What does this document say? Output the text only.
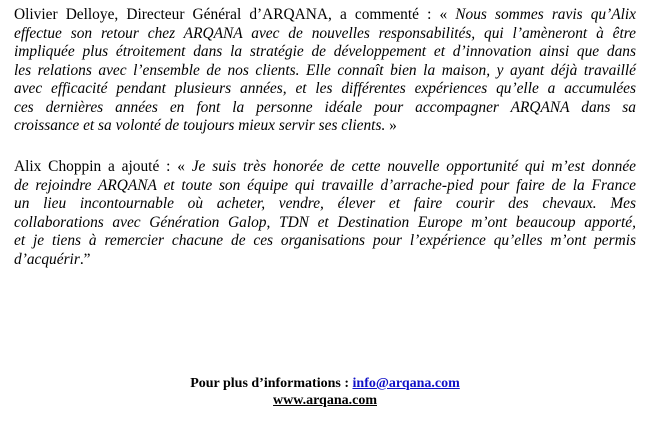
Olivier Delloye, Directeur Général d’ARQANA, a commenté : « Nous sommes ravis qu’Alix
effectue son retour chez ARQANA avec de nouvelles responsabilités, qui l’amèneront à être
impliquée plus étroitement dans la stratégie de développement et d’innovation ainsi que dans
les relations avec l’ensemble de nos clients. Elle connaît bien la maison, y ayant déjà travaillé
avec efficacité pendant plusieurs années, et les différentes expériences qu’elle a accumulées
ces dernières années en font la personne idéale pour accompagner ARQANA dans sa
croissance et sa volonté de toujours mieux servir ses clients. »
Alix Choppin a ajouté : « Je suis très honorée de cette nouvelle opportunité qui m’est donnée
de rejoindre ARQANA et toute son équipe qui travaille d’arrache-pied pour faire de la France
un lieu incontournable où acheter, vendre, élever et faire courir des chevaux. Mes
collaborations avec Génération Galop, TDN et Destination Europe m’ont beaucoup apporté,
et je tiens à remercier chacune de ces organisations pour l’expérience qu’elles m’ont permis
d’acquérir.”
Pour plus d’informations : info@arqana.com
www.arqana.com
